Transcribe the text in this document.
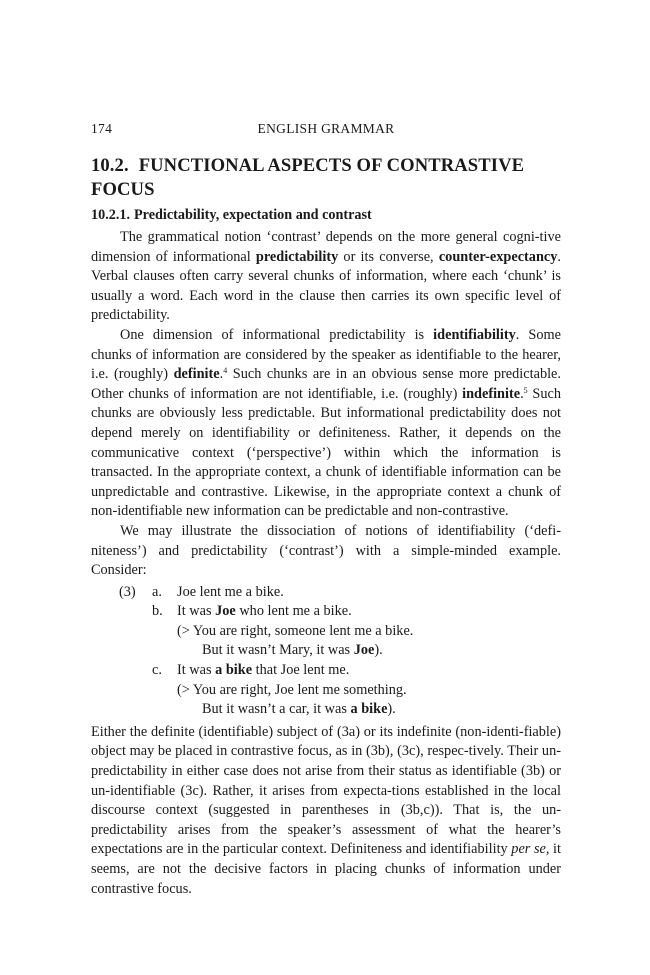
174	ENGLISH GRAMMAR
10.2. FUNCTIONAL ASPECTS OF CONTRASTIVE FOCUS
10.2.1. Predictability, expectation and contrast

The grammatical notion ‘contrast’ depends on the more general cogni-tive dimension of informational predictability or its converse, counter-expectancy. Verbal clauses often carry several chunks of information, where each ‘chunk’ is usually a word. Each word in the clause then carries its own specific level of predictability.

One dimension of informational predictability is identifiability. Some chunks of information are considered by the speaker as identifiable to the hearer, i.e. (roughly) definite.$^4$ Such chunks are in an obvious sense more predictable. Other chunks of information are not identifiable, i.e. (roughly) indefinite.$^5$ Such chunks are obviously less predictable. But informational predictability does not depend merely on identifiability or definiteness. Rather, it depends on the communicative context (‘perspective’) within which the information is transacted. In the appropriate context, a chunk of identifiable information can be unpredictable and contrastive. Likewise, in the appropriate context a chunk of non-identifiable new information can be predictable and non-contrastive.

We may illustrate the dissociation of notions of identifiability (‘defi-niteness’) and predictability (‘contrast’) with a simple-minded example. Consider:

(3) a. Joe lent me a bike.
b. It was Joe who lent me a bike.
(> You are right, someone lent me a bike.
But it wasn’t Mary, it was Joe).
c. It was a bike that Joe lent me.
(> You are right, Joe lent me something.
But it wasn’t a car, it was a bike).

Either the definite (identifiable) subject of (3a) or its indefinite (non-identi-fiable) object may be placed in contrastive focus, as in (3b), (3c), respec-tively. Their un-predictability in either case does not arise from their status as identifiable (3b) or un-identifiable (3c). Rather, it arises from expecta-tions established in the local discourse context (suggested in parentheses in (3b,c)). That is, the un-predictability arises from the speaker’s assessment of what the hearer’s expectations are in the particular context. Definiteness and identifiability per se, it seems, are not the decisive factors in placing chunks of information under contrastive focus.
